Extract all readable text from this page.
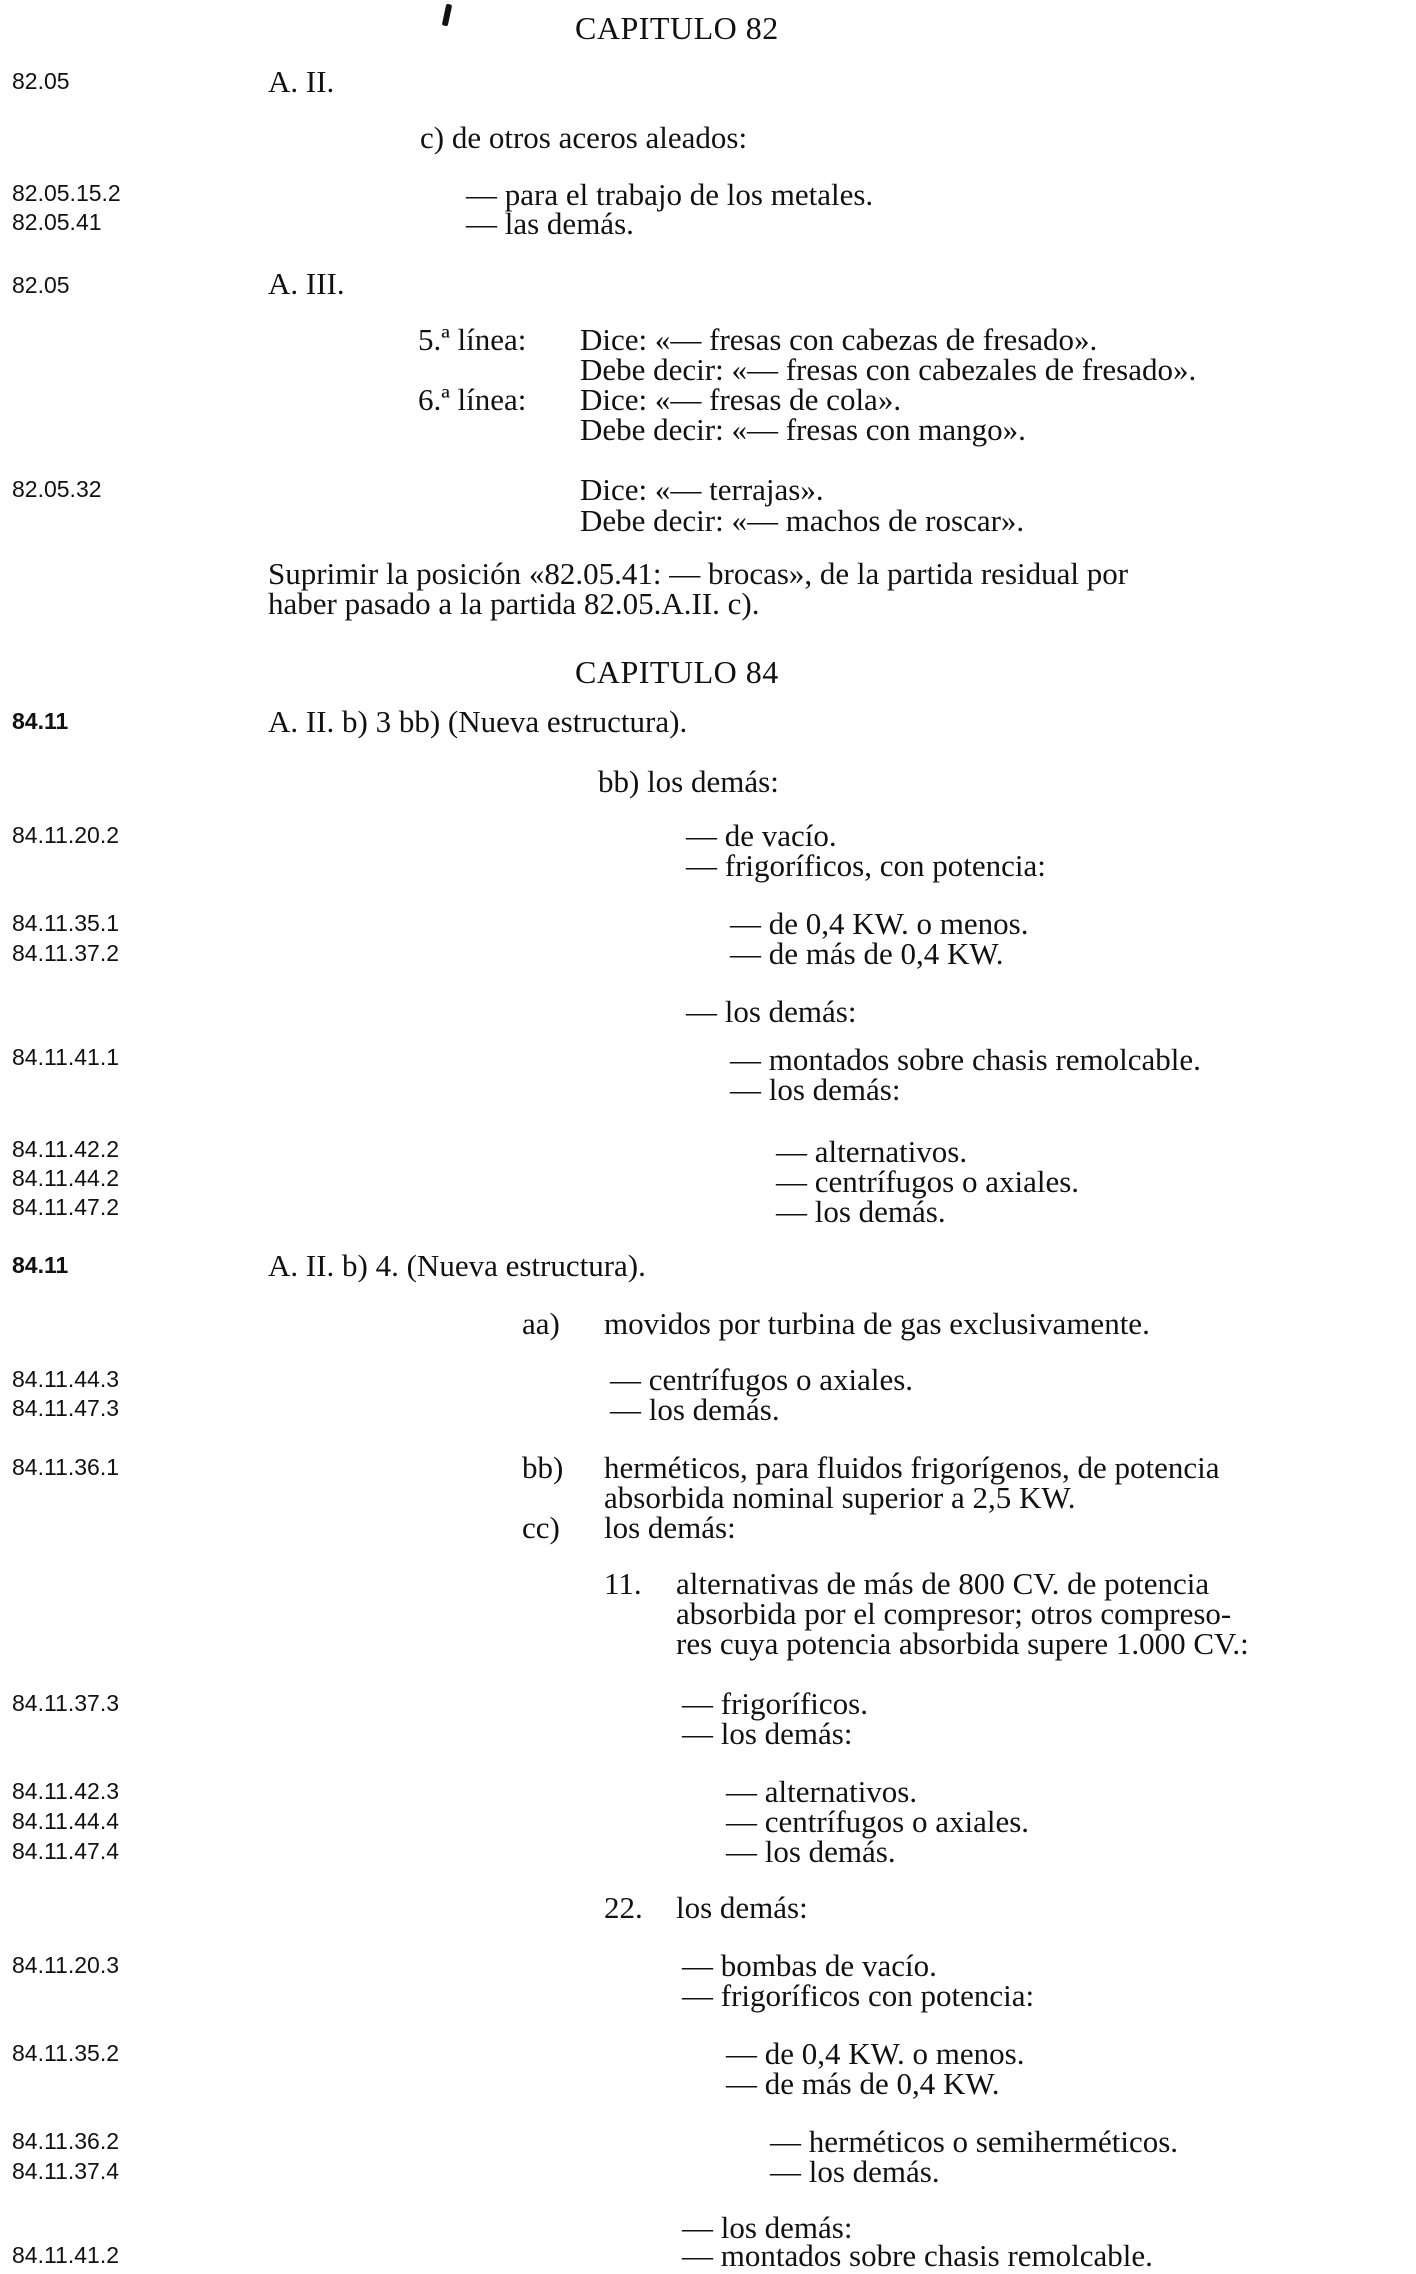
CAPITULO 82
82.05	A. II.
c) de otros aceros aleados:
82.05.15.2	— para el trabajo de los metales.
82.05.41	— las demás.
82.05	A. III.
5.ª línea: Dice: «— fresas con cabezas de fresado».
Debe decir: «— fresas con cabezales de fresado».
6.ª línea: Dice: «— fresas de cola».
Debe decir: «— fresas con mango».
82.05.32	Dice: «— terrajas».
Debe decir: «— machos de roscar».
Suprimir la posición «82.05.41: — brocas», de la partida residual por
haber pasado a la partida 82.05.A.II. c).
CAPITULO 84
84.11	A. II. b) 3 bb) (Nueva estructura).
bb) los demás:
84.11.20.2	— de vacío.
— frigoríficos, con potencia:
84.11.35.1	— de 0,4 KW. o menos.
84.11.37.2	— de más de 0,4 KW.
— los demás:
84.11.41.1	— montados sobre chasis remolcable.
— los demás:
84.11.42.2	— alternativos.
84.11.44.2	— centrífugos o axiales.
84.11.47.2	— los demás.
84.11	A. II. b) 4. (Nueva estructura).
aa) movidos por turbina de gas exclusivamente.
84.11.44.3	— centrífugos o axiales.
84.11.47.3	— los demás.
84.11.36.1	bb) herméticos, para fluidos frigorígenos, de potencia
absorbida nominal superior a 2,5 KW.
cc) los demás:
11. alternativas de más de 800 CV. de potencia
absorbida por el compresor; otros compreso-
res cuya potencia absorbida supere 1.000 CV.:
84.11.37.3	— frigoríficos.
— los demás:
84.11.42.3	— alternativos.
84.11.44.4	— centrífugos o axiales.
84.11.47.4	— los demás.
22. los demás:
84.11.20.3	— bombas de vacío.
— frigoríficos con potencia:
84.11.35.2	— de 0,4 KW. o menos.
— de más de 0,4 KW.
84.11.36.2	— herméticos o semiherméticos.
84.11.37.4	— los demás.
— los demás:
84.11.41.2	— montados sobre chasis remolcable.
